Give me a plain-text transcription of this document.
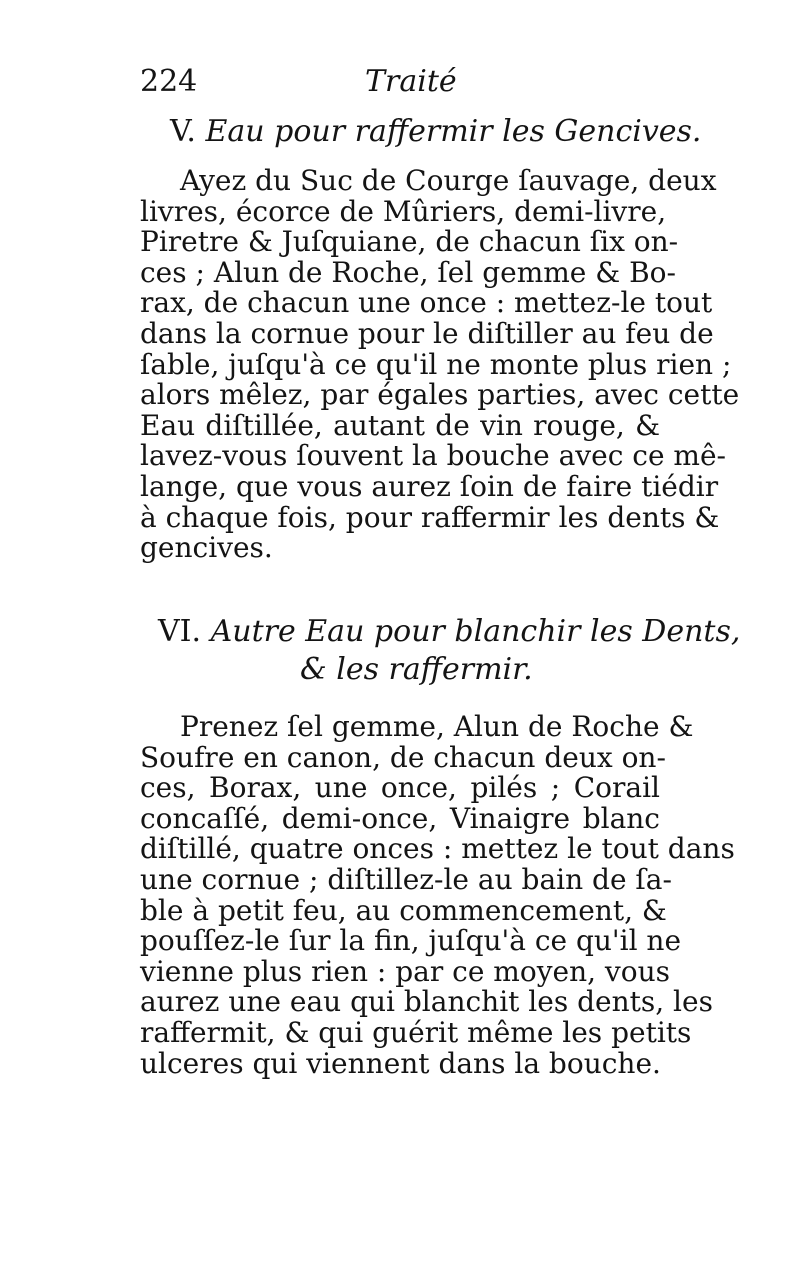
224	Traité
V. Eau pour raffermir les Gencives.
Ayez du Suc de Courge ſauvage, deux
livres, écorce de Mûriers, demi-livre,
Piretre & Juſquiane, de chacun ſix on-
ces ; Alun de Roche, ſel gemme & Bo-
rax, de chacun une once : mettez-le tout
dans la cornue pour le diſtiller au feu de
ſable, juſqu'à ce qu'il ne monte plus rien ;
alors mêlez, par égales parties, avec cette
Eau diſtillée, autant de vin rouge, &
lavez-vous ſouvent la bouche avec ce mê-
lange, que vous aurez ſoin de faire tiédir
à chaque fois, pour raffermir les dents &
gencives.
VI. Autre Eau pour blanchir les Dents,
& les raffermir.
Prenez ſel gemme, Alun de Roche &
Soufre en canon, de chacun deux on-
ces, Borax, une once, pilés ; Corail
concaſſé, demi-once, Vinaigre blanc
diſtillé, quatre onces : mettez le tout dans
une cornue ; diſtillez-le au bain de ſa-
ble à petit feu, au commencement, &
pouſſez-le ſur la fin, juſqu'à ce qu'il ne
vienne plus rien : par ce moyen, vous
aurez une eau qui blanchit les dents, les
raffermit, & qui guérit même les petits
ulceres qui viennent dans la bouche.
